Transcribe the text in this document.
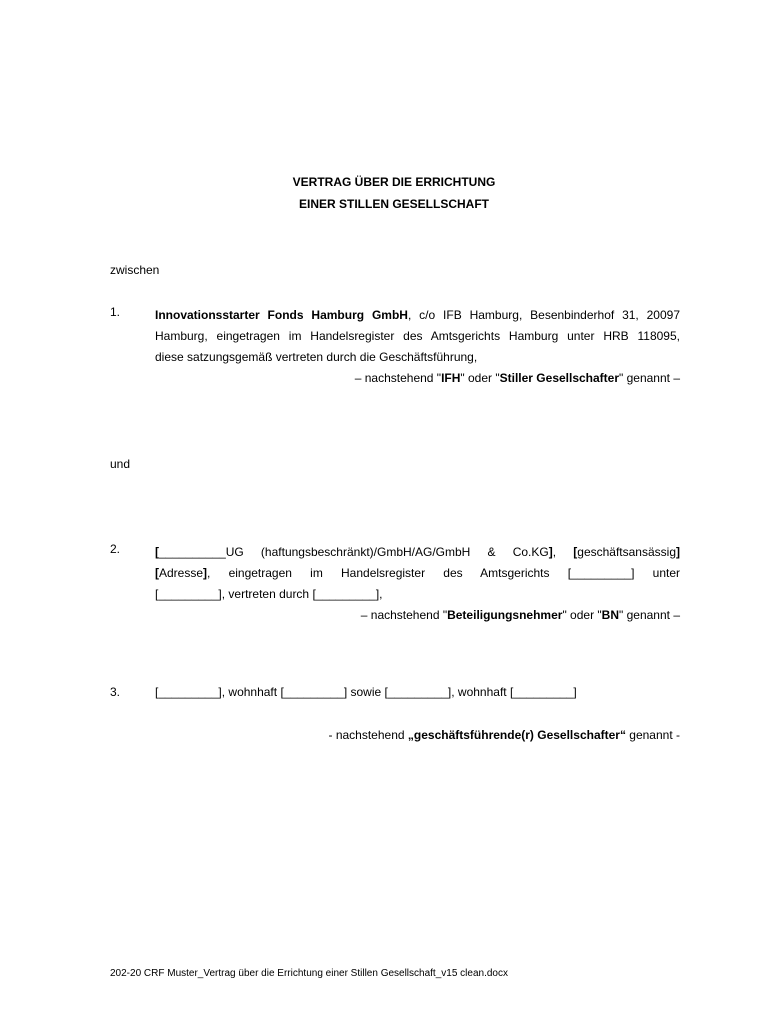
VERTRAG ÜBER DIE ERRICHTUNG
EINER STILLEN GESELLSCHAFT
zwischen
1.	Innovationsstarter Fonds Hamburg GmbH, c/o IFB Hamburg, Besenbinderhof 31, 20097

Hamburg, eingetragen im Handelsregister des Amtsgerichts Hamburg unter HRB 118095,

diese satzungsgemäß vertreten durch die Geschäftsführung,

– nachstehend "IFH" oder "Stiller Gesellschafter" genannt –

und
2.	[__________UG (haftungsbeschränkt)/GmbH/AG/GmbH & Co.KG], [geschäftsansässig]

[Adresse], eingetragen im Handelsregister des Amtsgerichts [_________] unter

[_________], vertreten durch [_________],

– nachstehend "Beteiligungsnehmer" oder "BN" genannt –

3.	[_________], wohnhaft [_________] sowie [_________], wohnhaft [_________]
- nachstehend „geschäftsführende(r) Gesellschafter“ genannt -
202-20 CRF Muster_Vertrag über die Errichtung einer Stillen Gesellschaft_v15 clean.docx
